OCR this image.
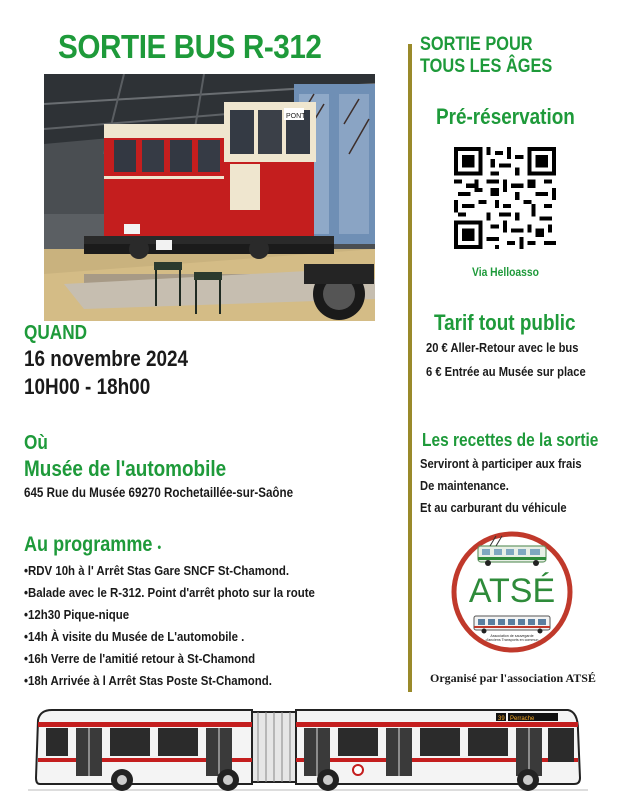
SORTIE BUS R-312
PONT
QUAND
16 novembre 2024
10H00 - 18h00
Où
Musée de l'automobile
645 Rue du Musée 69270 Rochetaillée-sur-Saône
Au programme •
•RDV 10h à l' Arrêt Stas Gare SNCF St-Chamond.
•Balade avec le R-312. Point d'arrêt photo sur la route
•12h30 Pique-nique
•14h À visite du Musée de L'automobile .
•16h Verre de l'amitié retour à St-Chamond
•18h Arrivée à l Arrêt Stas Poste St-Chamond.
SORTIE POUR TOUS LES ÂGES
Pré-réservation
Via Helloasso
Tarif tout public
20 € Aller-Retour avec le bus
6 € Entrée au Musée sur place
Les recettes de la sortie
Serviront à participer aux frais
De maintenance.
Et au carburant du véhicule
ATSÉ
Association de sauvegarde d'anciens Transports en commun
Organisé par l'association ATSÉ
39 Perrache
